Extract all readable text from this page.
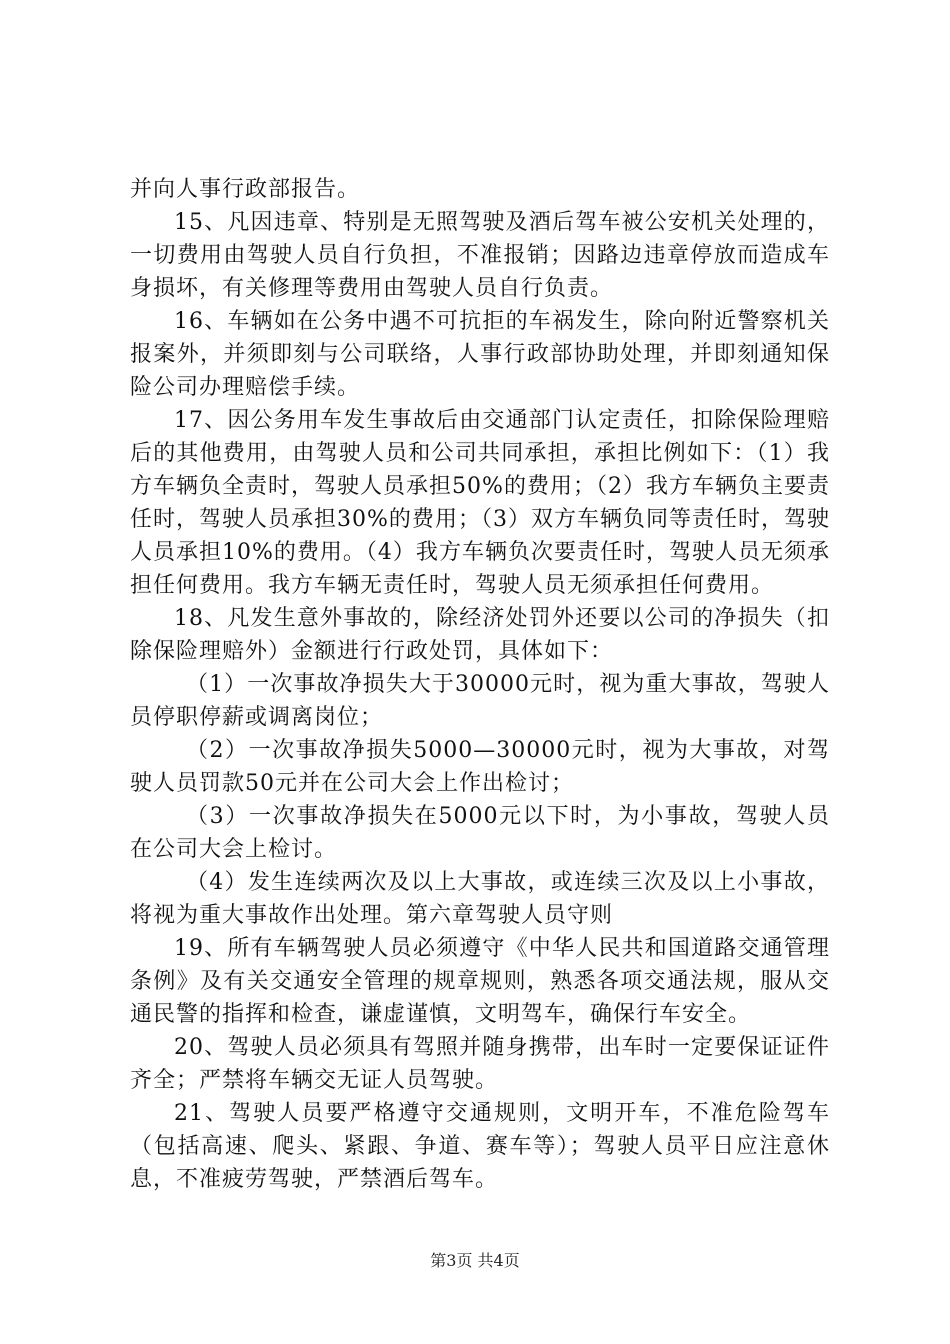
并向人事行政部报告。

15、凡因违章、特别是无照驾驶及酒后驾车被公安机关处理的，一切费用由驾驶人员自行负担，不准报销；因路边违章停放而造成车身损坏，有关修理等费用由驾驶人员自行负责。

16、车辆如在公务中遇不可抗拒的车祸发生，除向附近警察机关报案外，并须即刻与公司联络，人事行政部协助处理，并即刻通知保险公司办理赔偿手续。

17、因公务用车发生事故后由交通部门认定责任，扣除保险理赔后的其他费用，由驾驶人员和公司共同承担，承担比例如下：（1）我方车辆负全责时，驾驶人员承担50%的费用；（2）我方车辆负主要责任时，驾驶人员承担30%的费用；（3）双方车辆负同等责任时，驾驶人员承担10%的费用。（4）我方车辆负次要责任时，驾驶人员无须承担任何费用。我方车辆无责任时，驾驶人员无须承担任何费用。

18、凡发生意外事故的，除经济处罚外还要以公司的净损失（扣除保险理赔外）金额进行行政处罚，具体如下：

（1）一次事故净损失大于30000元时，视为重大事故，驾驶人员停职停薪或调离岗位；

（2）一次事故净损失5000—30000元时，视为大事故，对驾驶人员罚款50元并在公司大会上作出检讨；

（3）一次事故净损失在5000元以下时，为小事故，驾驶人员在公司大会上检讨。

（4）发生连续两次及以上大事故，或连续三次及以上小事故，将视为重大事故作出处理。第六章驾驶人员守则

19、所有车辆驾驶人员必须遵守《中华人民共和国道路交通管理条例》及有关交通安全管理的规章规则，熟悉各项交通法规，服从交通民警的指挥和检查，谦虚谨慎，文明驾车，确保行车安全。

20、驾驶人员必须具有驾照并随身携带，出车时一定要保证证件齐全；严禁将车辆交无证人员驾驶。

21、驾驶人员要严格遵守交通规则，文明开车，不准危险驾车（包括高速、爬头、紧跟、争道、赛车等）；驾驶人员平日应注意休息，不准疲劳驾驶，严禁酒后驾车。

第3页 共4页
